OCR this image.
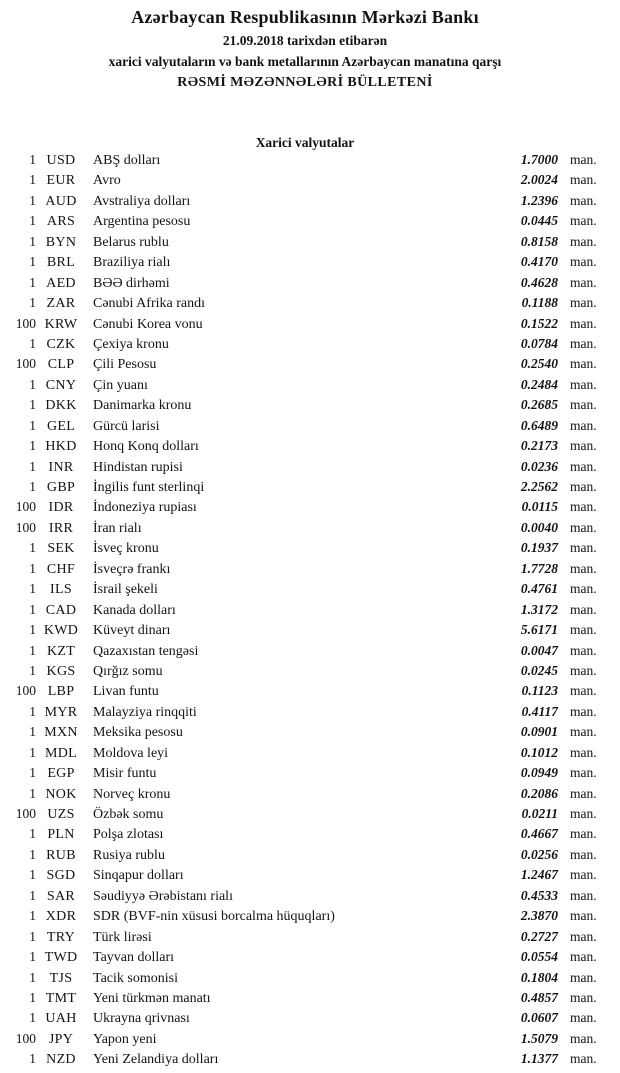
Azərbaycan Respublikasının Mərkəzi Bankı
21.09.2018 tarixdən etibarən
xarici valyutaların və bank metallarının Azərbaycan manatına qarşı
RƏSMİ MƏZƏNNƏLƏRİ BÜLLETENİ
Xarici valyutalar
1 USD	ABŞ dolları	1.7000 man.
1 EUR	Avro	2.0024 man.
1 AUD	Avstraliya dolları	1.2396 man.
1 ARS	Argentina pesosu	0.0445 man.
1 BYN	Belarus rublu	0.8158 man.
1 BRL	Braziliya rialı	0.4170 man.
1 AED	BƏƏ dirhəmi	0.4628 man.
1 ZAR	Cənubi Afrika randı	0.1188 man.
100 KRW	Cənubi Korea vonu	0.1522 man.
1 CZK	Çexiya kronu	0.0784 man.
100 CLP	Çili Pesosu	0.2540 man.
1 CNY	Çin yuanı	0.2484 man.
1 DKK	Danimarka kronu	0.2685 man.
1 GEL	Gürcü larisi	0.6489 man.
1 HKD	Honq Konq dolları	0.2173 man.
1 INR	Hindistan rupisi	0.0236 man.
1 GBP	İngilis funt sterlinqi	2.2562 man.
100 IDR	İndoneziya rupiası	0.0115 man.
100 IRR	İran rialı	0.0040 man.
1 SEK	İsveç kronu	0.1937 man.
1 CHF	İsveçrə frankı	1.7728 man.
1	ILS	İsrail şekeli	0.4761 man.
1 CAD	Kanada dolları	1.3172 man.
1 KWD	Küveyt dinarı	5.6171 man.
1 KZT	Qazaxıstan tengəsi	0.0047 man.
1 KGS	Qırğız somu	0.0245 man.
100 LBP	Livan funtu	0.1123 man.
1 MYR	Malayziya rinqqiti	0.4117 man.
1 MXN	Meksika pesosu	0.0901 man.
1 MDL	Moldova leyi	0.1012 man.
1 EGP	Misir funtu	0.0949 man.
1 NOK	Norveç kronu	0.2086 man.
100 UZS	Özbək somu	0.0211 man.
1 PLN	Polşa zlotası	0.4667 man.
1 RUB	Rusiya rublu	0.0256 man.
1 SGD	Sinqapur dolları	1.2467 man.
1 SAR	Səudiyyə Ərəbistanı rialı	0.4533 man.
1 XDR	SDR (BVF-nin xüsusi borcalma hüquqları)	2.3870 man.
1 TRY	Türk lirəsi	0.2727 man.
1 TWD	Tayvan dolları	0.0554 man.
1 TJS	Tacik somonisi	0.1804 man.
1 TMT	Yeni türkmən manatı	0.4857 man.
1 UAH	Ukrayna qrivnası	0.0607 man.
100 JPY	Yapon yeni	1.5079 man.
1 NZD	Yeni Zelandiya dolları	1.1377 man.
